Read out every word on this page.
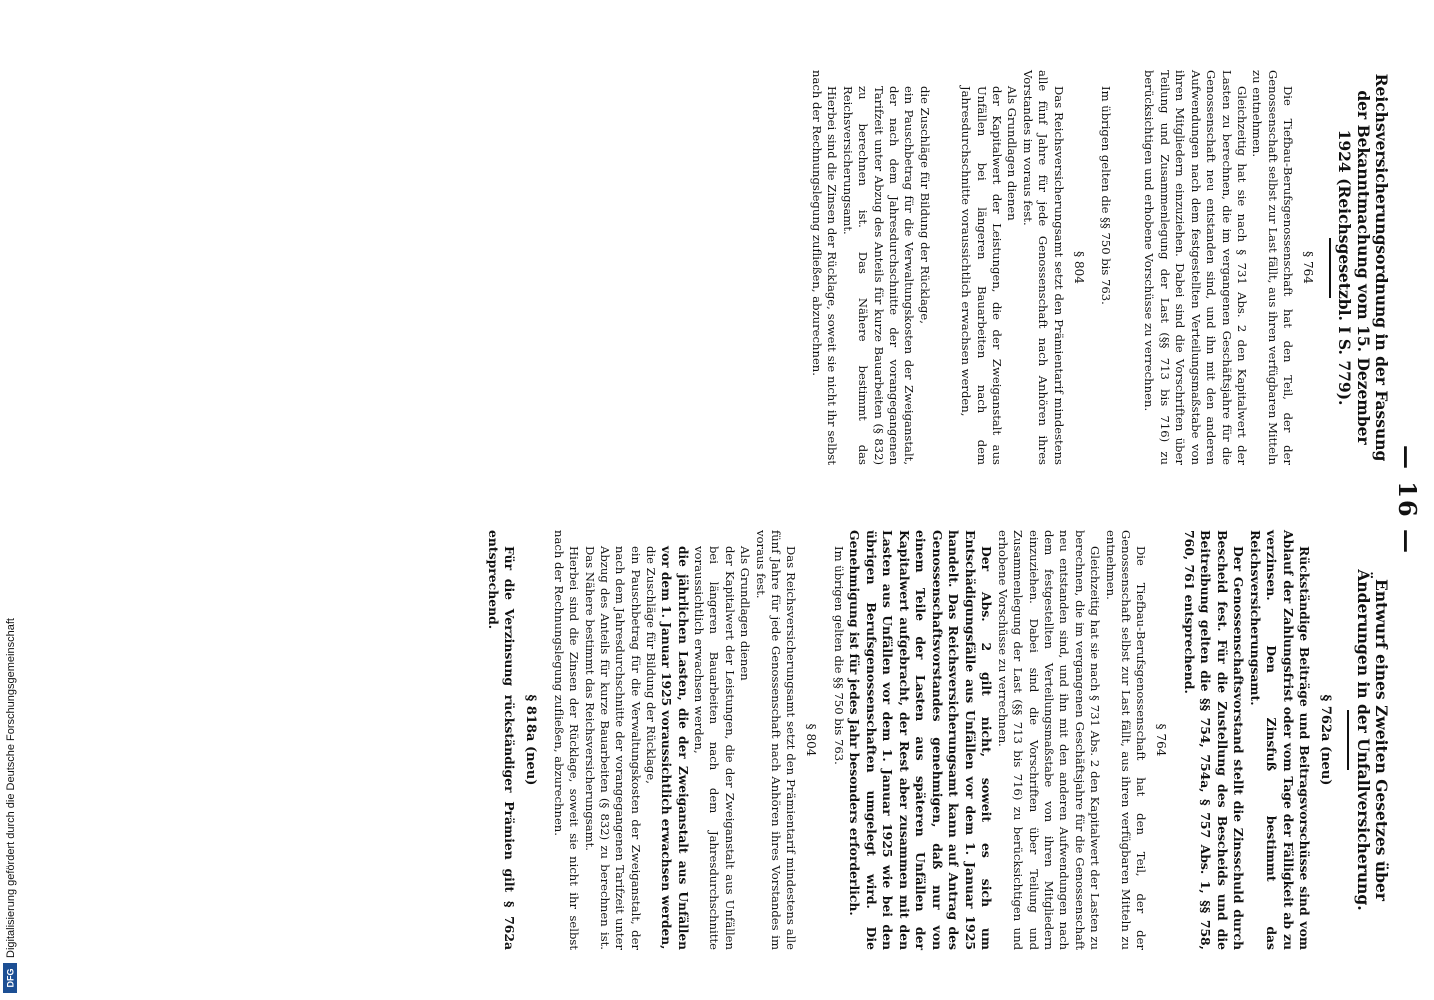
— 16 —

Reichsversicherungsordnung in der Fassung der Bekanntmachung vom 15. Dezember 1924 (Reichsgesetzbl. I S. 779).

§ 764

Die Tiefbau-Berufsgenossenschaft hat den Teil, der der Genossenschaft selbst zur Last fällt, aus ihren verfügbaren Mitteln zu entnehmen.

Gleichzeitig hat sie nach § 731 Abs. 2 den Kapitalwert der Lasten zu berechnen, die im vergangenen Geschäftsjahre für die Genossenschaft neu entstanden sind, und ihn mit den anderen Aufwendungen nach dem festgestellten Verteilungsmaßstabe von ihren Mitgliedern einzuziehen. Dabei sind die Vorschriften über Teilung und Zusammenlegung der Last (§§ 713 bis 716) zu berücksichtigen und erhobene Vorschüsse zu verrechnen.

Im übrigen gelten die §§ 750 bis 763.

§ 804

Das Reichsversicherungsamt setzt den Prämientarif mindestens alle fünf Jahre für jede Genossenschaft nach Anhören ihres Vorstandes im voraus fest.

Als Grundlagen dienen

der Kapitalwert der Leistungen, die der Zweiganstalt aus Unfällen bei längeren Bauarbeiten nach dem Jahresdurchschnitte voraussichtlich erwachsen werden,

die Zuschläge für Bildung der Rücklage,

ein Pauschbetrag für die Verwaltungskosten der Zweiganstalt, der nach dem Jahresdurchschnitte der vorangegangenen Tarifzeit unter Abzug des Anteils für kurze Bauarbeiten (§ 832) zu berechnen ist. Das Nähere bestimmt das Reichsversicherungsamt.

Hierbei sind die Zinsen der Rücklage, soweit sie nicht ihr selbst nach der Rechnungslegung zufließen, abzurechnen.

Entwurf eines Zweiten Gesetzes über Änderungen in der Unfallversicherung.

§ 762a (neu)

Rückständige Beiträge und Beitragsvorschüsse sind vom Ablauf der Zahlungsfrist oder vom Tage der Fälligkeit ab zu verzinsen. Den Zinsfuß bestimmt das Reichsversicherungsamt.

Der Genossenschaftsvorstand stellt die Zinsschuld durch Bescheid fest. Für die Zustellung des Bescheids und die Beitreibung gelten die §§ 754, 754a, § 757 Abs. 1, §§ 758, 760, 761 entsprechend.

§ 764

Die Tiefbau-Berufsgenossenschaft hat den Teil, der der Genossenschaft selbst zur Last fällt, aus ihren verfügbaren Mitteln zu entnehmen.

Gleichzeitig hat sie nach § 731 Abs. 2 den Kapitalwert der Lasten zu berechnen, die im vergangenen Geschäftsjahre für die Genossenschaft neu entstanden sind, und ihn mit den anderen Aufwendungen nach dem festgestellten Verteilungsmaßstabe von ihren Mitgliedern einzuziehen. Dabei sind die Vorschriften über Teilung und Zusammenlegung der Last (§§ 713 bis 716) zu berücksichtigen und erhobene Vorschüsse zu verrechnen.

Der Abs. 2 gilt nicht, soweit es sich um Entschädigungsfälle aus Unfällen vor dem 1. Januar 1925 handelt. Das Reichsversicherungsamt kann auf Antrag des Genossenschaftsvorstandes genehmigen, daß nur von einem Teile der Lasten aus späteren Unfällen der Kapitalwert aufgebracht, der Rest aber zusammen mit den Lasten aus Unfällen vor dem 1. Januar 1925 wie bei den übrigen Berufsgenossenschaften umgelegt wird. Die Genehmigung ist für jedes Jahr besonders erforderlich.

Im übrigen gelten die §§ 750 bis 763.

§ 804

Das Reichsversicherungsamt setzt den Prämientarif mindestens alle fünf Jahre für jede Genossenschaft nach Anhören ihres Vorstandes im voraus fest.

Als Grundlagen dienen

der Kapitalwert der Leistungen, die der Zweiganstalt aus Unfällen bei längeren Bauarbeiten nach dem Jahresdurchschnitte voraussichtlich erwachsen werden,

die jährlichen Lasten, die der Zweiganstalt aus Unfällen vor dem 1. Januar 1925 voraussichtlich erwachsen werden,

die Zuschläge für Bildung der Rücklage,

ein Pauschbetrag für die Verwaltungskosten der Zweiganstalt, der nach dem Jahresdurchschnitte der vorangegangenen Tarifzeit unter Abzug des Anteils für kurze Bauarbeiten (§ 832) zu berechnen ist. Das Nähere bestimmt das Reichsversicherungsamt.

Hierbei sind die Zinsen der Rücklage, soweit sie nicht ihr selbst nach der Rechnungslegung zufließen, abzurechnen.

§ 818a (neu)

Für die Verzinsung rückständiger Prämien gilt § 762a entsprechend.

Digitalisierung gefördert durch die Deutsche Forschungsgemeinschaft
DFG
